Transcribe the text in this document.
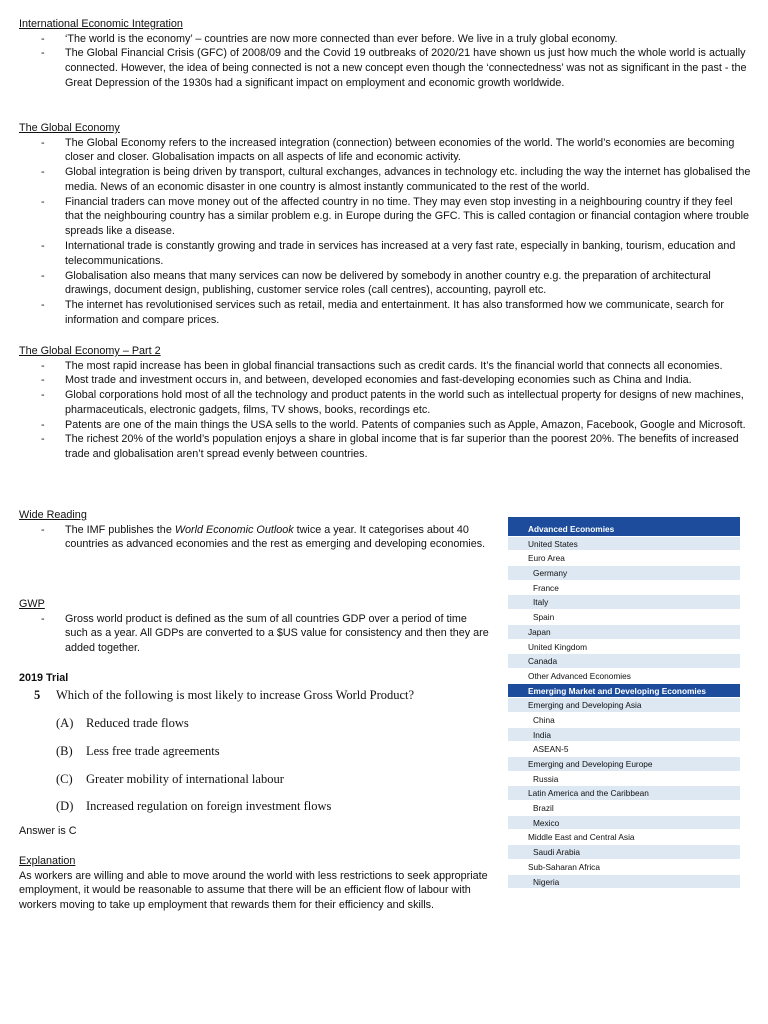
International Economic Integration

- ‘The world is the economy’ – countries are now more connected than ever before. We live in a truly global economy.
- The Global Financial Crisis (GFC) of 2008/09 and the Covid 19 outbreaks of 2020/21 have shown us just how much the whole world is actually connected. However, the idea of being connected is not a new concept even though the ‘connectedness’ was not as significant in the past - the Great Depression of the 1930s had a significant impact on employment and economic growth worldwide.

The Global Economy

- The Global Economy refers to the increased integration (connection) between economies of the world. The world’s economies are becoming closer and closer. Globalisation impacts on all aspects of life and economic activity.
- Global integration is being driven by transport, cultural exchanges, advances in technology etc. including the way the internet has globalised the media. News of an economic disaster in one country is almost instantly communicated to the rest of the world.
- Financial traders can move money out of the affected country in no time. They may even stop investing in a neighbouring country if they feel that the neighbouring country has a similar problem e.g. in Europe during the GFC. This is called contagion or financial contagion where trouble spreads like a disease.
- International trade is constantly growing and trade in services has increased at a very fast rate, especially in banking, tourism, education and telecommunications.
- Globalisation also means that many services can now be delivered by somebody in another country e.g. the preparation of architectural drawings, document design, publishing, customer service roles (call centres), accounting, payroll etc.
- The internet has revolutionised services such as retail, media and entertainment. It has also transformed how we communicate, search for information and compare prices.

The Global Economy – Part 2

- The most rapid increase has been in global financial transactions such as credit cards. It’s the financial world that connects all economies.
- Most trade and investment occurs in, and between, developed economies and fast-developing economies such as China and India.
- Global corporations hold most of all the technology and product patents in the world such as intellectual property for designs of new machines, pharmaceuticals, electronic gadgets, films, TV shows, books, recordings etc.
- Patents are one of the main things the USA sells to the world. Patents of companies such as Apple, Amazon, Facebook, Google and Microsoft.
- The richest 20% of the world’s population enjoys a share in global income that is far superior than the poorest 20%. The benefits of increased trade and globalisation aren’t spread evenly between countries.

Wide Reading

- The IMF publishes the World Economic Outlook twice a year. It categorises about 40 countries as advanced economies and the rest as emerging and developing economies.

GWP

- Gross world product is defined as the sum of all countries GDP over a period of time such as a year. All GDPs are converted to a $US value for consistency and then they are added together.
2019 Trial
5 Which of the following is most likely to increase Gross World Product?
(A) Reduced trade flows
(B) Less free trade agreements
(C) Greater mobility of international labour
(D) Increased regulation on foreign investment flows
Answer is C

Explanation

As workers are willing and able to move around the world with less restrictions to seek appropriate employment, it would be reasonable to assume that there will be an efficient flow of labour with workers moving to take up employment that rewards them for their efficiency and skills.

Advanced Economies
United States
Euro Area
Germany
France
Italy
Spain
Japan
United Kingdom
Canada
Other Advanced Economies
Emerging Market and Developing Economies
Emerging and Developing Asia
China
India
ASEAN-5
Emerging and Developing Europe
Russia
Latin America and the Caribbean
Brazil
Mexico
Middle East and Central Asia
Saudi Arabia
Sub-Saharan Africa
Nigeria
